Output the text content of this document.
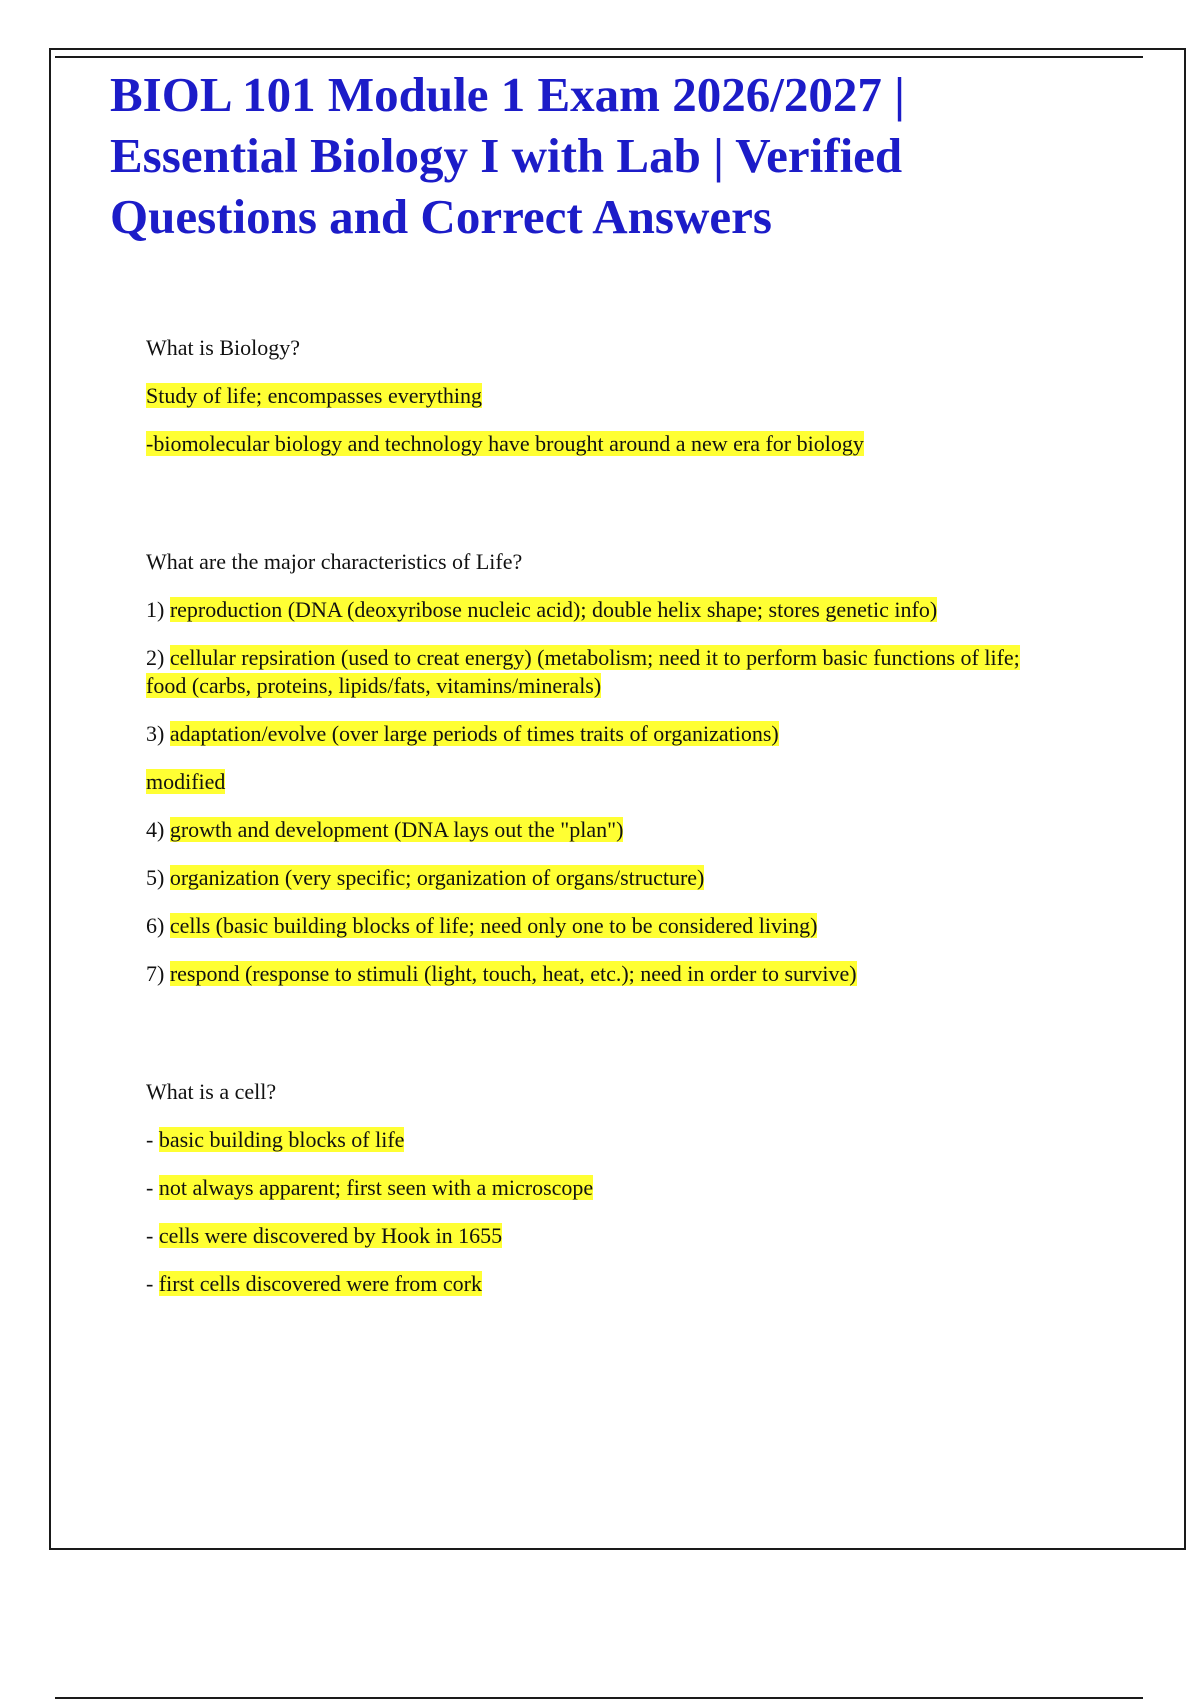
BIOL 101 Module 1 Exam 2026/2027 | Essential Biology I with Lab | Verified Questions and Correct Answers

What is Biology?

Study of life; encompasses everything

-biomolecular biology and technology have brought around a new era for biology

What are the major characteristics of Life?

1) reproduction (DNA (deoxyribose nucleic acid); double helix shape; stores genetic info)

2) cellular repsiration (used to creat energy) (metabolism; need it to perform basic functions of life; food (carbs, proteins, lipids/fats, vitamins/minerals)

3) adaptation/evolve (over large periods of times traits of organizations)

modified

4) growth and development (DNA lays out the "plan")

5) organization (very specific; organization of organs/structure)

6) cells (basic building blocks of life; need only one to be considered living)

7) respond (response to stimuli (light, touch, heat, etc.); need in order to survive)

What is a cell?

- basic building blocks of life

- not always apparent; first seen with a microscope

- cells were discovered by Hook in 1655

- first cells discovered were from cork
